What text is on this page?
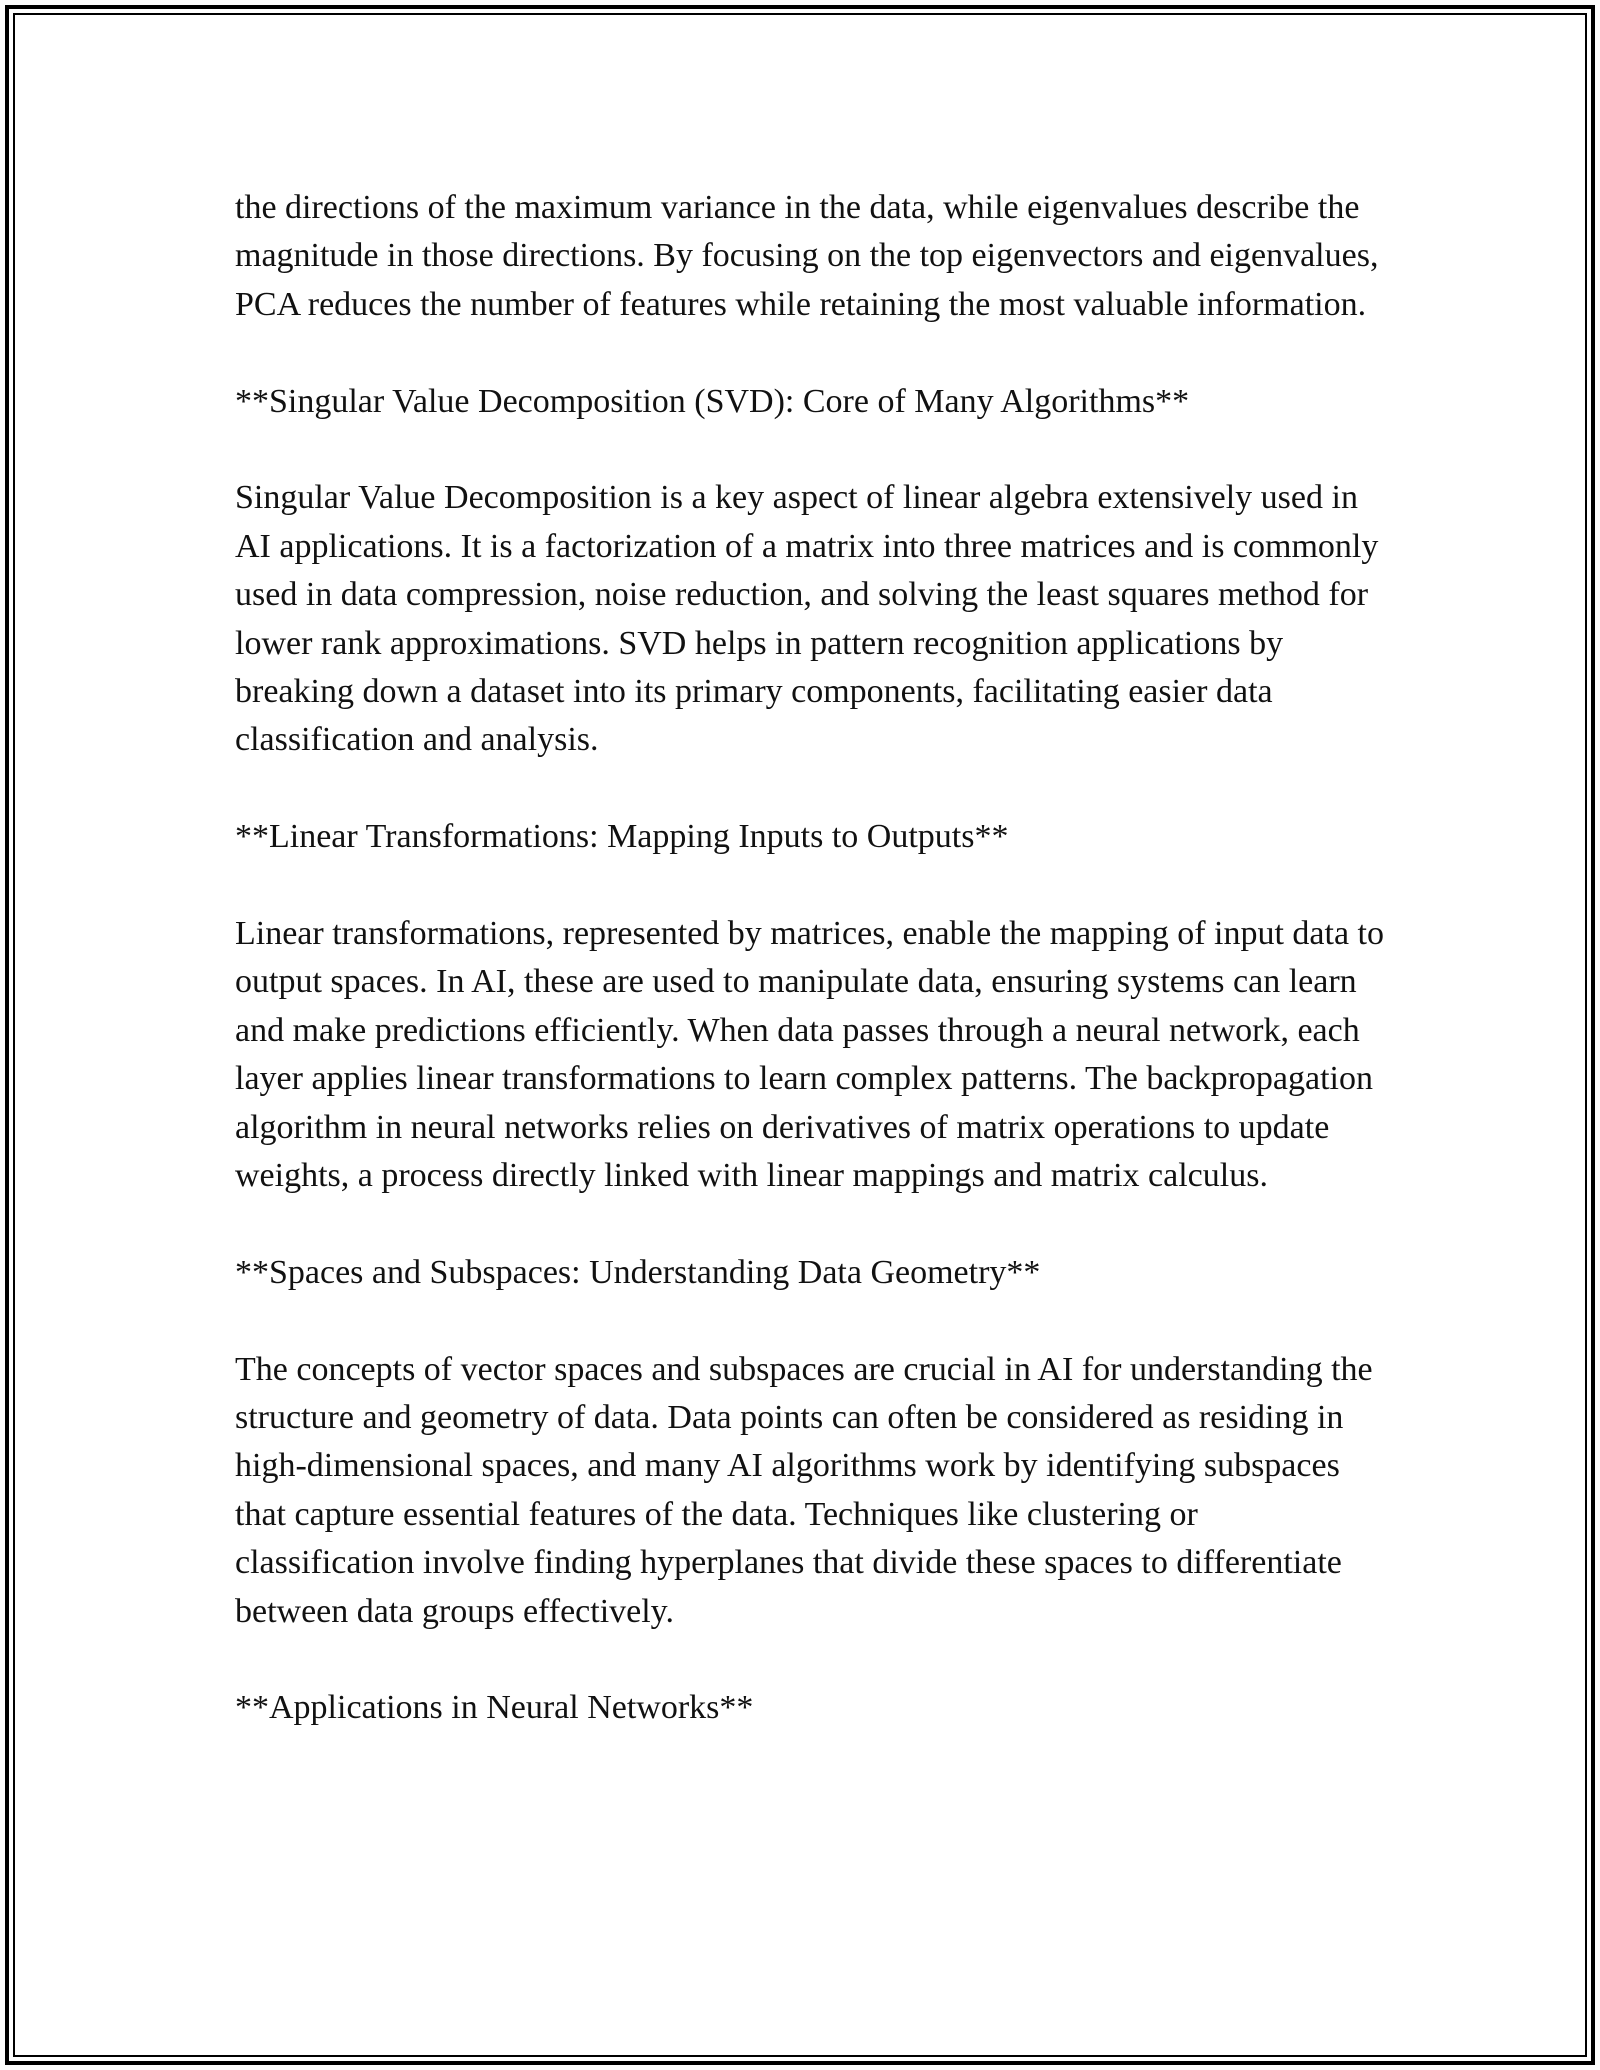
the directions of the maximum variance in the data, while eigenvalues describe the magnitude in those directions. By focusing on the top eigenvectors and eigenvalues, PCA reduces the number of features while retaining the most valuable information.

**Singular Value Decomposition (SVD): Core of Many Algorithms**

Singular Value Decomposition is a key aspect of linear algebra extensively used in AI applications. It is a factorization of a matrix into three matrices and is commonly used in data compression, noise reduction, and solving the least squares method for lower rank approximations. SVD helps in pattern recognition applications by breaking down a dataset into its primary components, facilitating easier data classification and analysis.

**Linear Transformations: Mapping Inputs to Outputs**

Linear transformations, represented by matrices, enable the mapping of input data to output spaces. In AI, these are used to manipulate data, ensuring systems can learn and make predictions efficiently. When data passes through a neural network, each layer applies linear transformations to learn complex patterns. The backpropagation algorithm in neural networks relies on derivatives of matrix operations to update weights, a process directly linked with linear mappings and matrix calculus.

**Spaces and Subspaces: Understanding Data Geometry**

The concepts of vector spaces and subspaces are crucial in AI for understanding the structure and geometry of data. Data points can often be considered as residing in high-dimensional spaces, and many AI algorithms work by identifying subspaces that capture essential features of the data. Techniques like clustering or classification involve finding hyperplanes that divide these spaces to differentiate between data groups effectively.

**Applications in Neural Networks**
